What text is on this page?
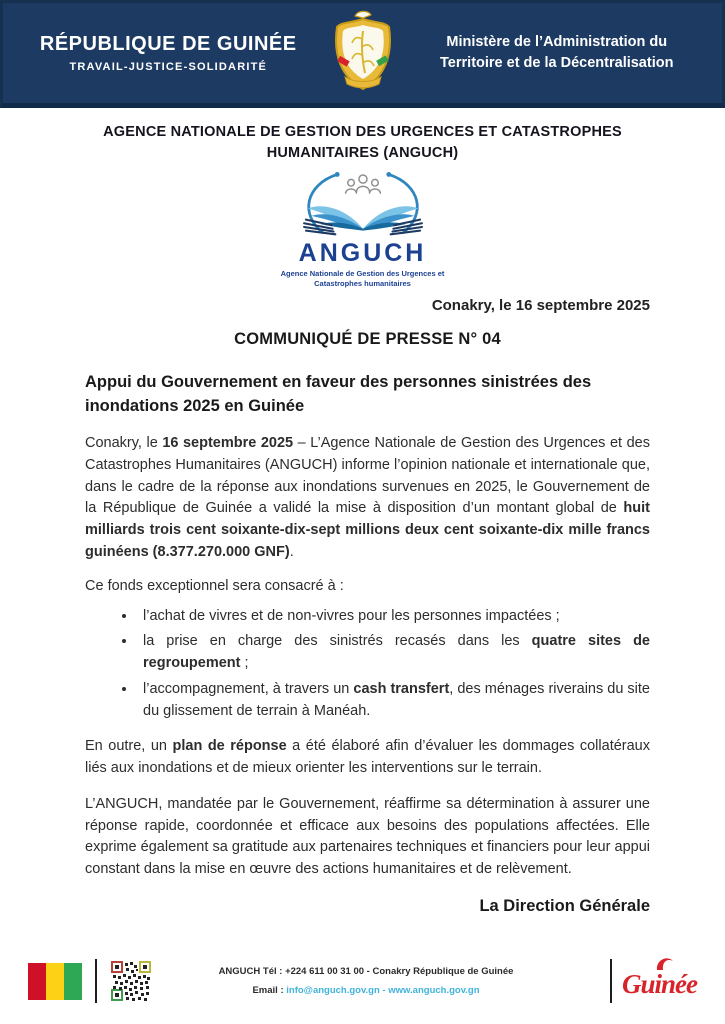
RÉPUBLIQUE DE GUINÉE
TRAVAIL-JUSTICE-SOLIDARITÉ
Ministère de l’Administration du
Territoire et de la Décentralisation
AGENCE NATIONALE DE GESTION DES URGENCES ET CATASTROPHES
HUMANITAIRES (ANGUCH)
ANGUCH
Agence Nationale de Gestion des Urgences et
Catastrophes humanitaires
Conakry, le 16 septembre 2025
COMMUNIQUÉ DE PRESSE N° 04
Appui du Gouvernement en faveur des personnes sinistrées des inondations 2025 en Guinée

Conakry, le 16 septembre 2025 – L’Agence Nationale de Gestion des Urgences et des Catastrophes Humanitaires (ANGUCH) informe l’opinion nationale et internationale que, dans le cadre de la réponse aux inondations survenues en 2025, le Gouvernement de la République de Guinée a validé la mise à disposition d’un montant global de huit milliards trois cent soixante-dix-sept millions deux cent soixante-dix mille francs guinéens (8.377.270.000 GNF).

Ce fonds exceptionnel sera consacré à :

• l’achat de vivres et de non-vivres pour les personnes impactées ;
• la prise en charge des sinistrés recasés dans les quatre sites de regroupement ;
• l’accompagnement, à travers un cash transfert, des ménages riverains du site du glissement de terrain à Manéah.

En outre, un plan de réponse a été élaboré afin d’évaluer les dommages collatéraux liés aux inondations et de mieux orienter les interventions sur le terrain.

L’ANGUCH, mandatée par le Gouvernement, réaffirme sa détermination à assurer une réponse rapide, coordonnée et efficace aux besoins des populations affectées. Elle exprime également sa gratitude aux partenaires techniques et financiers pour leur appui constant dans la mise en œuvre des actions humanitaires et de relèvement.

La Direction Générale
ANGUCH Tél : +224 611 00 31 00 - Conakry République de Guinée
Email : info@anguch.gov.gn - www.anguch.gov.gn	Guinée
